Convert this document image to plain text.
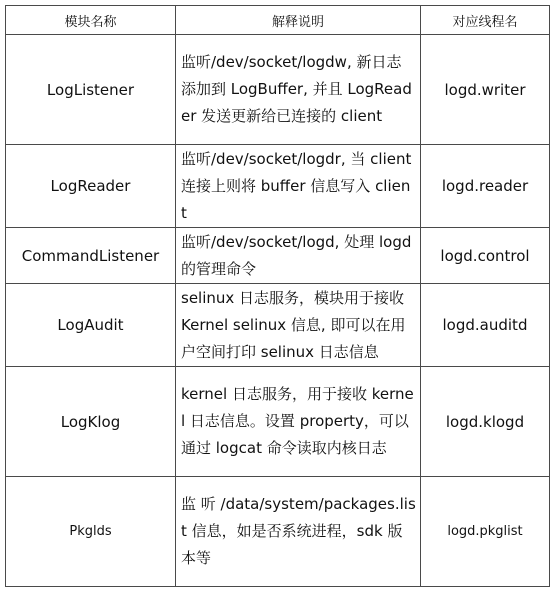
模块名称	解释说明	对应线程名
LogListener	监听/dev/socket/logdw, 新日志添加到 LogBuffer, 并且 LogReader 发送更新给已连接的 client	logd.writer
LogReader	监听/dev/socket/logdr, 当 client 连接上则将 buffer 信息写入 client	logd.reader
CommandListener	监听/dev/socket/logd, 处理 logd 的管理命令	logd.control
LogAudit	selinux 日志服务，模块用于接收 Kernel selinux 信息, 即可以在用户空间打印 selinux 日志信息	logd.auditd
LogKlog	kernel 日志服务，用于接收 kernel 日志信息。设置 property，可以通过 logcat 命令读取内核日志	logd.klogd
Pkglds	监 听 /data/system/packages.list 信息，如是否系统进程，sdk 版本等	logd.pkglist
